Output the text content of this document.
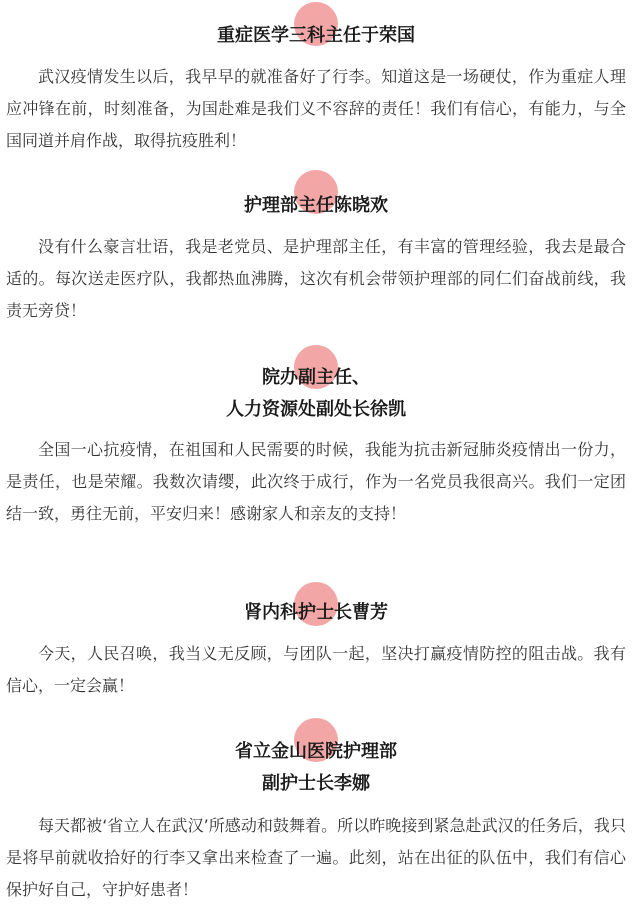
重症医学三科主任于荣国

武汉疫情发生以后，我早早的就准备好了行李。知道这是一场硬仗，作为重症人理应冲锋在前，时刻准备，为国赴难是我们义不容辞的责任！我们有信心，有能力，与全国同道并肩作战，取得抗疫胜利！

护理部主任陈晓欢

没有什么豪言壮语，我是老党员、是护理部主任，有丰富的管理经验，我去是最合适的。每次送走医疗队，我都热血沸腾，这次有机会带领护理部的同仁们奋战前线，我责无旁贷！

院办副主任、
人力资源处副处长徐凯

全国一心抗疫情，在祖国和人民需要的时候，我能为抗击新冠肺炎疫情出一份力，是责任，也是荣耀。我数次请缨，此次终于成行，作为一名党员我很高兴。我们一定团结一致，勇往无前，平安归来！感谢家人和亲友的支持！

肾内科护士长曹芳

今天，人民召唤，我当义无反顾，与团队一起，坚决打赢疫情防控的阻击战。我有信心，一定会赢！

省立金山医院护理部
副护士长李娜

每天都被‘省立人在武汉’所感动和鼓舞着。所以昨晚接到紧急赴武汉的任务后，我只是将早前就收拾好的行李又拿出来检查了一遍。此刻，站在出征的队伍中，我们有信心保护好自己，守护好患者！
